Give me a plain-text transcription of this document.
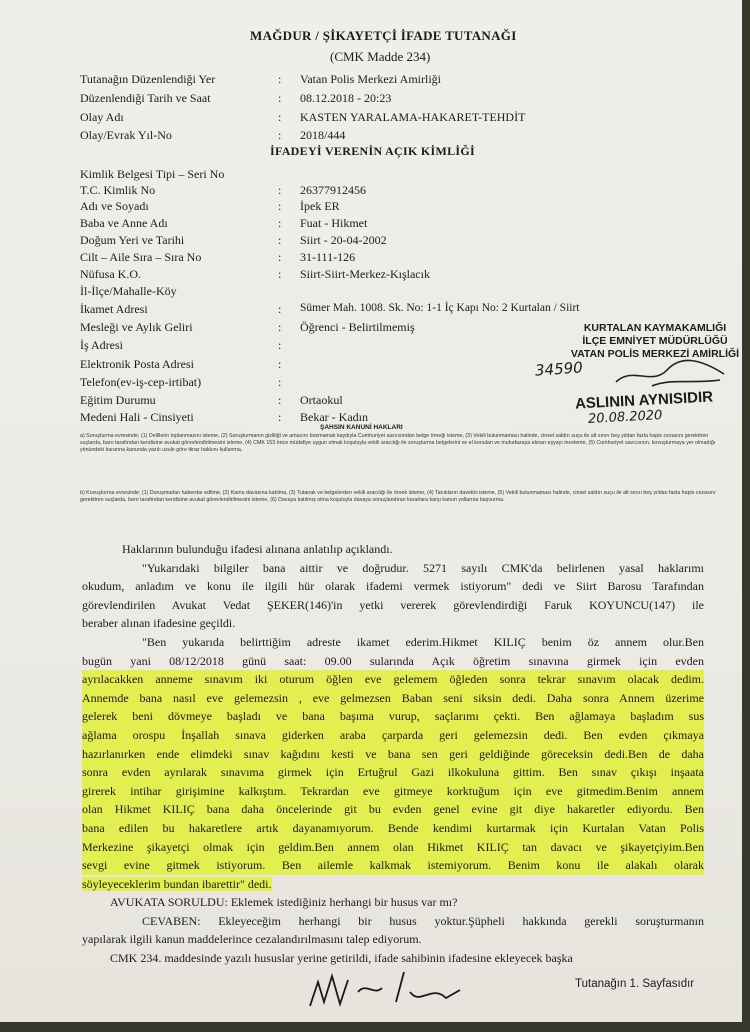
MAĞDUR / ŞİKAYETÇİ İFADE TUTANAĞI
(CMK Madde 234)
Tutanağın Düzenlendiği Yer	: Vatan Polis Merkezi Amirliği
Düzenlendiği Tarih ve Saat	: 08.12.2018 - 20:23
Olay Adı	: KASTEN YARALAMA-HAKARET-TEHDİT
Olay/Evrak Yıl-No	: 2018/444
İFADEYİ VERENİN AÇIK KİMLİĞİ
Kimlik Belgesi Tipi – Seri No
T.C. Kimlik No	: 26377912456
Adı ve Soyadı	: İpek ER
Baba ve Anne Adı	: Fuat - Hikmet
Doğum Yeri ve Tarihi	: Siirt - 20-04-2002
Cilt – Aile Sıra – Sıra No	: 31-111-126
Nüfusa K.O.	: Siirt-Siirt-Merkez-Kışlacık
İl-İlçe/Mahalle-Köy
İkamet Adresi	: Sümer Mah. 1008. Sk. No: 1-1 İç Kapı No: 2 Kurtalan / Siirt
Mesleği ve Aylık Geliri	: Öğrenci - Belirtilmemiş
İş Adresi	:
Elektronik Posta Adresi	:
Telefon(ev-iş-cep-irtibat)	:
Eğitim Durumu	: Ortaokul
Medeni Hali - Cinsiyeti	: Bekar - Kadın
KURTALAN KAYMAKAMLIĞI
İLÇE EMNİYET MÜDÜRLÜĞÜ
VATAN POLİS MERKEZİ AMİRLİĞİ
34590
ASLININ AYNISIDIR
20.08.2020
ŞAHSIN KANUNİ HAKLARI
a) Soruşturma evresinde; (1) Delillerin toplanmasını isteme, (2) Soruşturmanın gizliliği ve amacını bozmamak kaydıyla Cumhuriyet savcısından belge örneği isteme, (3) Vekili bulunmaması halinde, cinsel saldırı suçu ile alt sınırı beş yıldan fazla hapis cezasını gerektiren suçlarda, baro tarafından kendisine avukat görevlendirilmesini isteme, (4) CMK 153 önce müdafiye uygun olmak koşuluyla vekili aracılığı ile soruşturma belgelerini ve el konulan ve muhafazaya alınan eşyayı inceleme, (5) Cumhuriyet savcısının, kovuşturmaya yer olmadığı yönündeki kararına kanunda yazılı usule göre itiraz hakkını kullanma,
b) Kovuşturma evresinde; (1) Duruşmadan haberdar edilme, (2) Kamu davasına katılma, (3) Tutanak ve belgelerden vekili aracılığı ile örnek isteme, (4) Tanıkların davetini isteme, (5) Vekili bulunmaması halinde, cinsel saldırı suçu ile alt sınırı beş yıldan fazla hapis cezasını gerektiren suçlarda, baro tarafından kendisine avukat görevlendirilmesini isteme, (6) Davaya katılmış olma koşuluyla davaya sonuçlandıran kararlara karşı kanun yollarına başvurma.
Haklarının bulunduğu ifadesi alınana anlatılıp açıklandı.
"Yukarıdaki bilgiler bana aittir ve doğrudur. 5271 sayılı CMK'da belirlenen yasal haklarımı
okudum, anladım ve konu ile ilgili hür olarak ifademi vermek istiyorum" dedi ve Siirt Barosu Tarafından
görevlendirilen Avukat Vedat ŞEKER(146)'in yetki vererek görevlendirdiği Faruk KOYUNCU(147) ile
beraber alınan ifadesine geçildi.
"Ben yukarıda belirttiğim adreste ikamet ederim.Hikmet KILIÇ benim öz annem olur.Ben
bugün yani 08/12/2018 günü saat: 09.00 sularında Açık öğretim sınavına girmek için evden
ayrılacakken anneme sınavım iki oturum öğlen eve gelemem öğleden sonra tekrar sınavım olacak dedim.
Annemde bana nasıl eve gelemezsin , eve gelmezsen Baban seni siksin dedi. Daha sonra Annem üzerime
gelerek beni dövmeye başladı ve bana başıma vurup, saçlarımı çekti. Ben ağlamaya başladım sus
ağlama orospu İnşallah sınava giderken araba çarparda geri gelemezsin dedi. Ben evden çıkmaya
hazırlanırken ende elimdeki sınav kağıdını kesti ve bana sen geri geldiğinde göreceksin dedi.Ben de daha
sonra evden ayrılarak sınavıma girmek için Ertuğrul Gazi ilkokuluna gittim. Ben sınav çıkışı inşaata
girerek intihar girişimine kalkıştım. Tekrardan eve gitmeye korktuğum için eve gitmedim.Benim annem
olan Hikmet KILIÇ bana daha öncelerinde git bu evden genel evine git diye hakaretler ediyordu. Ben
bana edilen bu hakaretlere artık dayanamıyorum. Bende kendimi kurtarmak için Kurtalan Vatan Polis
Merkezine şikayetçi olmak için geldim.Ben annem olan Hikmet KILIÇ tan davacı ve şikayetçiyim.Ben
sevgi evine gitmek istiyorum. Ben ailemle kalkmak istemiyorum. Benim konu ile alakalı olarak
söyleyeceklerim bundan ibarettir" dedi.
AVUKATA SORULDU: Eklemek istediğiniz herhangi bir husus var mı?
CEVABEN: Ekleyeceğim herhangi bir husus yoktur.Şüpheli hakkında gerekli soruşturmanın
yapılarak ilgili kanun maddelerince cezalandırılmasını talep ediyorum.
CMK 234. maddesinde yazılı hususlar yerine getirildi, ifade sahibinin ifadesine ekleyecek başka
Tutanağın 1. Sayfasıdır
